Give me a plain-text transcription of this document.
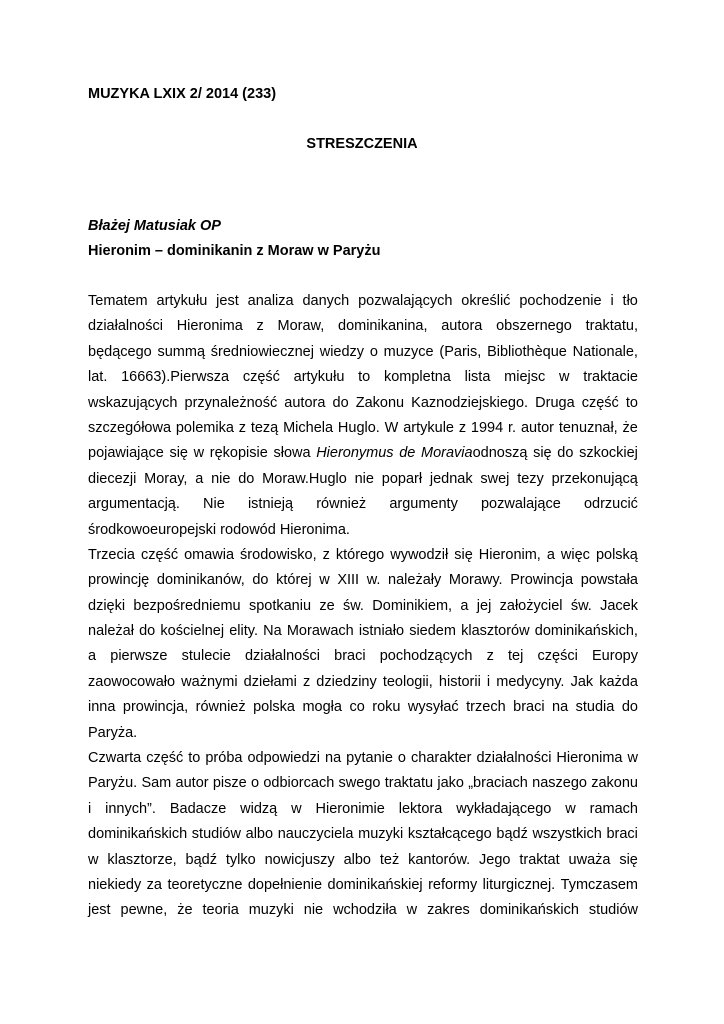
MUZYKA LXIX 2/ 2014 (233)
STRESZCZENIA
Błażej Matusiak OP
Hieronim – dominikanin z Moraw w Paryżu
Tematem artykułu jest analiza danych pozwalających określić pochodzenie i tło
działalności Hieronima z Moraw, dominikanina, autora obszernego traktatu,
będącego summą średniowiecznej wiedzy o muzyce (Paris, Bibliothèque Nationale,
lat. 16663).Pierwsza część artykułu to kompletna lista miejsc w traktacie
wskazujących przynależność autora do Zakonu Kaznodziejskiego. Druga część to
szczegółowa polemika z tezą Michela Huglo. W artykule z 1994 r. autor tenuznał, że
pojawiające się w rękopisie słowa Hieronymus de Moraviaodnoszą się do szkockiej
diecezji Moray, a nie do Moraw.Huglo nie poparł jednak swej tezy przekonującą
argumentacją. Nie istnieją również argumenty pozwalające odrzucić
środkowoeuropejski rodowód Hieronima.
Trzecia część omawia środowisko, z którego wywodził się Hieronim, a więc polską
prowincję dominikanów, do której w XIII w. należały Morawy. Prowincja powstała
dzięki bezpośredniemu spotkaniu ze św. Dominikiem, a jej założyciel św. Jacek
należał do kościelnej elity. Na Morawach istniało siedem klasztorów dominikańskich,
a pierwsze stulecie działalności braci pochodzących z tej części Europy
zaowocowało ważnymi dziełami z dziedziny teologii, historii i medycyny. Jak każda
inna prowincja, również polska mogła co roku wysyłać trzech braci na studia do
Paryża.
Czwarta część to próba odpowiedzi na pytanie o charakter działalności Hieronima w
Paryżu. Sam autor pisze o odbiorcach swego traktatu jako „braciach naszego zakonu
i innych”. Badacze widzą w Hieronimie lektora wykładającego w ramach
dominikańskich studiów albo nauczyciela muzyki kształcącego bądź wszystkich braci
w klasztorze, bądź tylko nowicjuszy albo też kantorów. Jego traktat uważa się
niekiedy za teoretyczne dopełnienie dominikańskiej reformy liturgicznej. Tymczasem
jest pewne, że teoria muzyki nie wchodziła w zakres dominikańskich studiów
